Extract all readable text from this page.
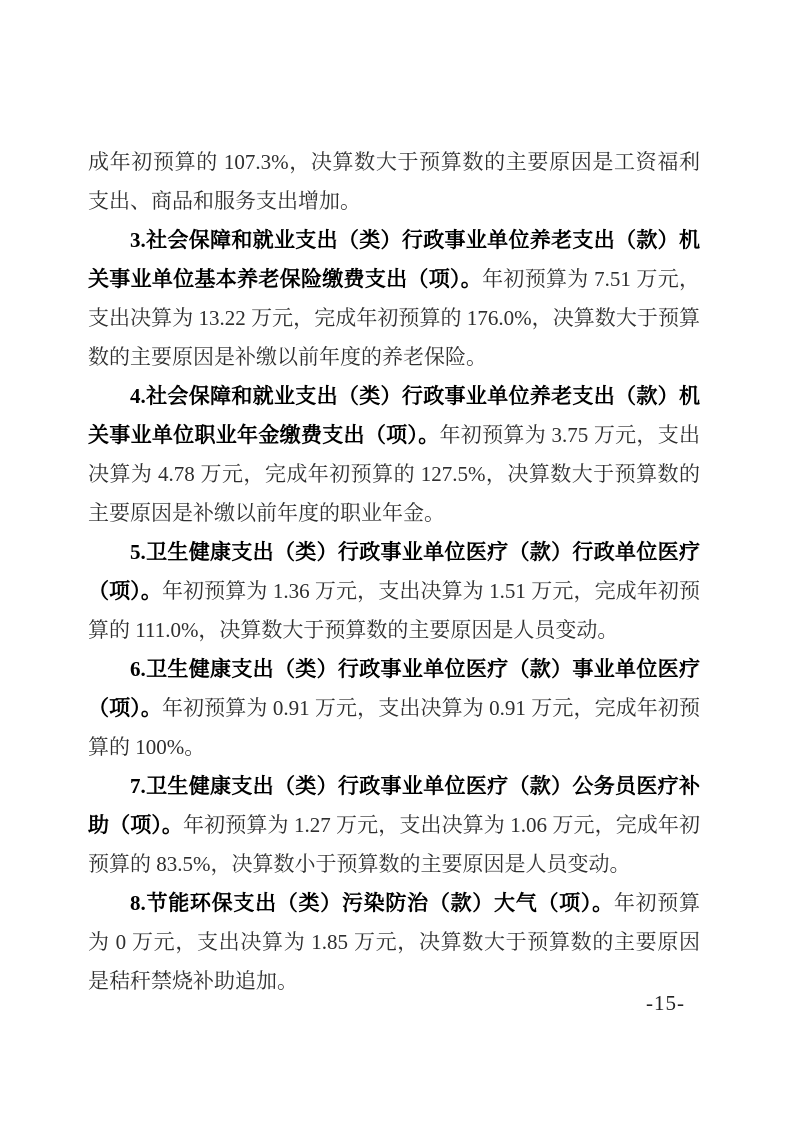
成年初预算的 107.3%，决算数大于预算数的主要原因是工资福利支出、商品和服务支出增加。

3.社会保障和就业支出（类）行政事业单位养老支出（款）机关事业单位基本养老保险缴费支出（项）。年初预算为 7.51 万元，支出决算为 13.22 万元，完成年初预算的 176.0%，决算数大于预算数的主要原因是补缴以前年度的养老保险。

4.社会保障和就业支出（类）行政事业单位养老支出（款）机关事业单位职业年金缴费支出（项）。年初预算为 3.75 万元，支出决算为 4.78 万元，完成年初预算的 127.5%，决算数大于预算数的主要原因是补缴以前年度的职业年金。

5.卫生健康支出（类）行政事业单位医疗（款）行政单位医疗（项）。年初预算为 1.36 万元，支出决算为 1.51 万元，完成年初预算的 111.0%，决算数大于预算数的主要原因是人员变动。

6.卫生健康支出（类）行政事业单位医疗（款）事业单位医疗（项）。年初预算为 0.91 万元，支出决算为 0.91 万元，完成年初预算的 100%。

7.卫生健康支出（类）行政事业单位医疗（款）公务员医疗补助（项）。年初预算为 1.27 万元，支出决算为 1.06 万元，完成年初预算的 83.5%，决算数小于预算数的主要原因是人员变动。

8.节能环保支出（类）污染防治（款）大气（项）。年初预算为 0 万元，支出决算为 1.85 万元，决算数大于预算数的主要原因是秸秆禁烧补助追加。

-15-
